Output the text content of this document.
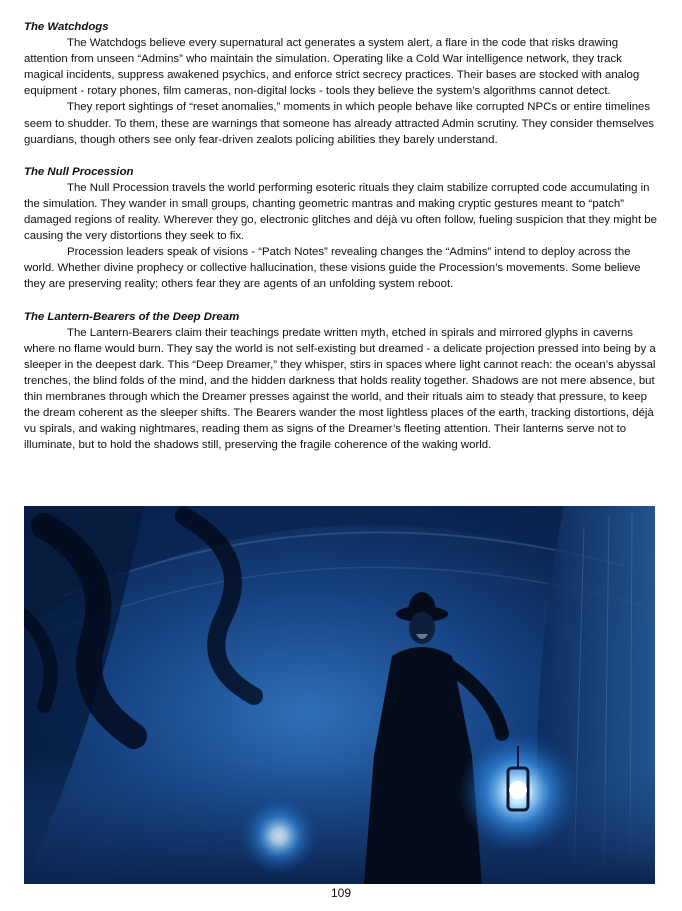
The Watchdogs

The Watchdogs believe every supernatural act generates a system alert, a flare in the code that risks drawing attention from unseen “Admins” who maintain the simulation. Operating like a Cold War intelligence network, they track magical incidents, suppress awakened psychics, and enforce strict secrecy practices. Their bases are stocked with analog equipment - rotary phones, film cameras, non-digital locks - tools they believe the system’s algorithms cannot detect.

They report sightings of “reset anomalies,” moments in which people behave like corrupted NPCs or entire timelines seem to shudder. To them, these are warnings that someone has already attracted Admin scrutiny. They consider themselves guardians, though others see only fear-driven zealots policing abilities they barely understand.

The Null Procession

The Null Procession travels the world performing esoteric rituals they claim stabilize corrupted code accumulating in the simulation. They wander in small groups, chanting geometric mantras and making cryptic gestures meant to “patch” damaged regions of reality. Wherever they go, electronic glitches and déjà vu often follow, fueling suspicion that they might be causing the very distortions they seek to fix.

Procession leaders speak of visions - “Patch Notes” revealing changes the “Admins” intend to deploy across the world. Whether divine prophecy or collective hallucination, these visions guide the Procession’s movements. Some believe they are preserving reality; others fear they are agents of an unfolding system reboot.

The Lantern-Bearers of the Deep Dream

The Lantern-Bearers claim their teachings predate written myth, etched in spirals and mirrored glyphs in caverns where no flame would burn. They say the world is not self-existing but dreamed - a delicate projection pressed into being by a sleeper in the deepest dark. This “Deep Dreamer,” they whisper, stirs in spaces where light cannot reach: the ocean’s abyssal trenches, the blind folds of the mind, and the hidden darkness that holds reality together. Shadows are not mere absence, but thin membranes through which the Dreamer presses against the world, and their rituals aim to steady that pressure, to keep the dream coherent as the sleeper shifts. The Bearers wander the most lightless places of the earth, tracking distortions, déjà vu spirals, and waking nightmares, reading them as signs of the Dreamer’s fleeting attention. Their lanterns serve not to illuminate, but to hold the shadows still, preserving the fragile coherence of the waking world.

109
